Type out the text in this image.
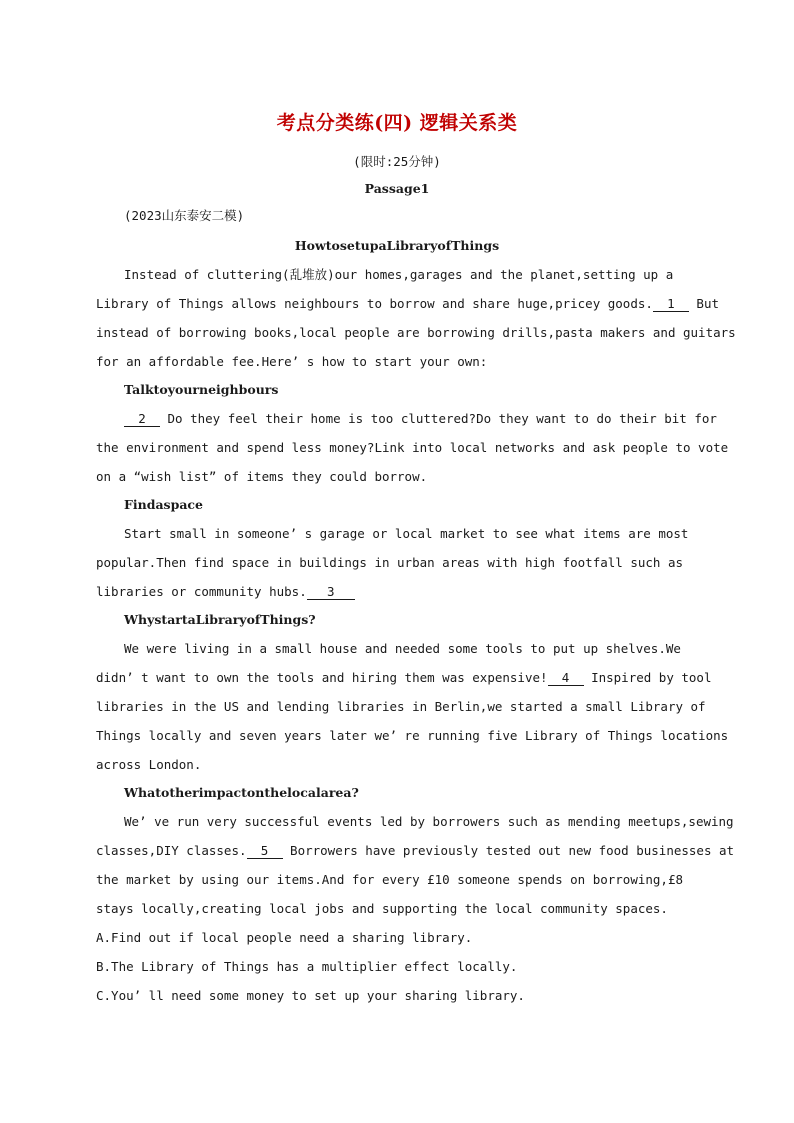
考点分类练(四) 逻辑关系类
(限时:25分钟)
Passage1
(2023山东泰安二模)
HowtosetupaLibraryofThings
Instead of cluttering(乱堆放)our homes,garages and the planet,setting up a
Library of Things allows neighbours to borrow and share huge,pricey goods. 1 But
instead of borrowing books,local people are borrowing drills,pasta makers and guitars
for an affordable fee.Here’ s how to start your own:
Talktoyourneighbours
2 Do they feel their home is too cluttered?Do they want to do their bit for
the environment and spend less money?Link into local networks and ask people to vote
on a “wish list” of items they could borrow.
Findaspace
Start small in someone’ s garage or local market to see what items are most
popular.Then find space in buildings in urban areas with high footfall such as
libraries or community hubs. 3
WhystartaLibraryofThings?
We were living in a small house and needed some tools to put up shelves.We
didn’ t want to own the tools and hiring them was expensive! 4 Inspired by tool
libraries in the US and lending libraries in Berlin,we started a small Library of
Things locally and seven years later we’ re running five Library of Things locations
across London.
Whatotherimpactonthelocalarea?
We’ ve run very successful events led by borrowers such as mending meetups,sewing
classes,DIY classes. 5 Borrowers have previously tested out new food businesses at
the market by using our items.And for every £10 someone spends on borrowing,£8
stays locally,creating local jobs and supporting the local community spaces.
A.Find out if local people need a sharing library.
B.The Library of Things has a multiplier effect locally.
C.You’ ll need some money to set up your sharing library.
